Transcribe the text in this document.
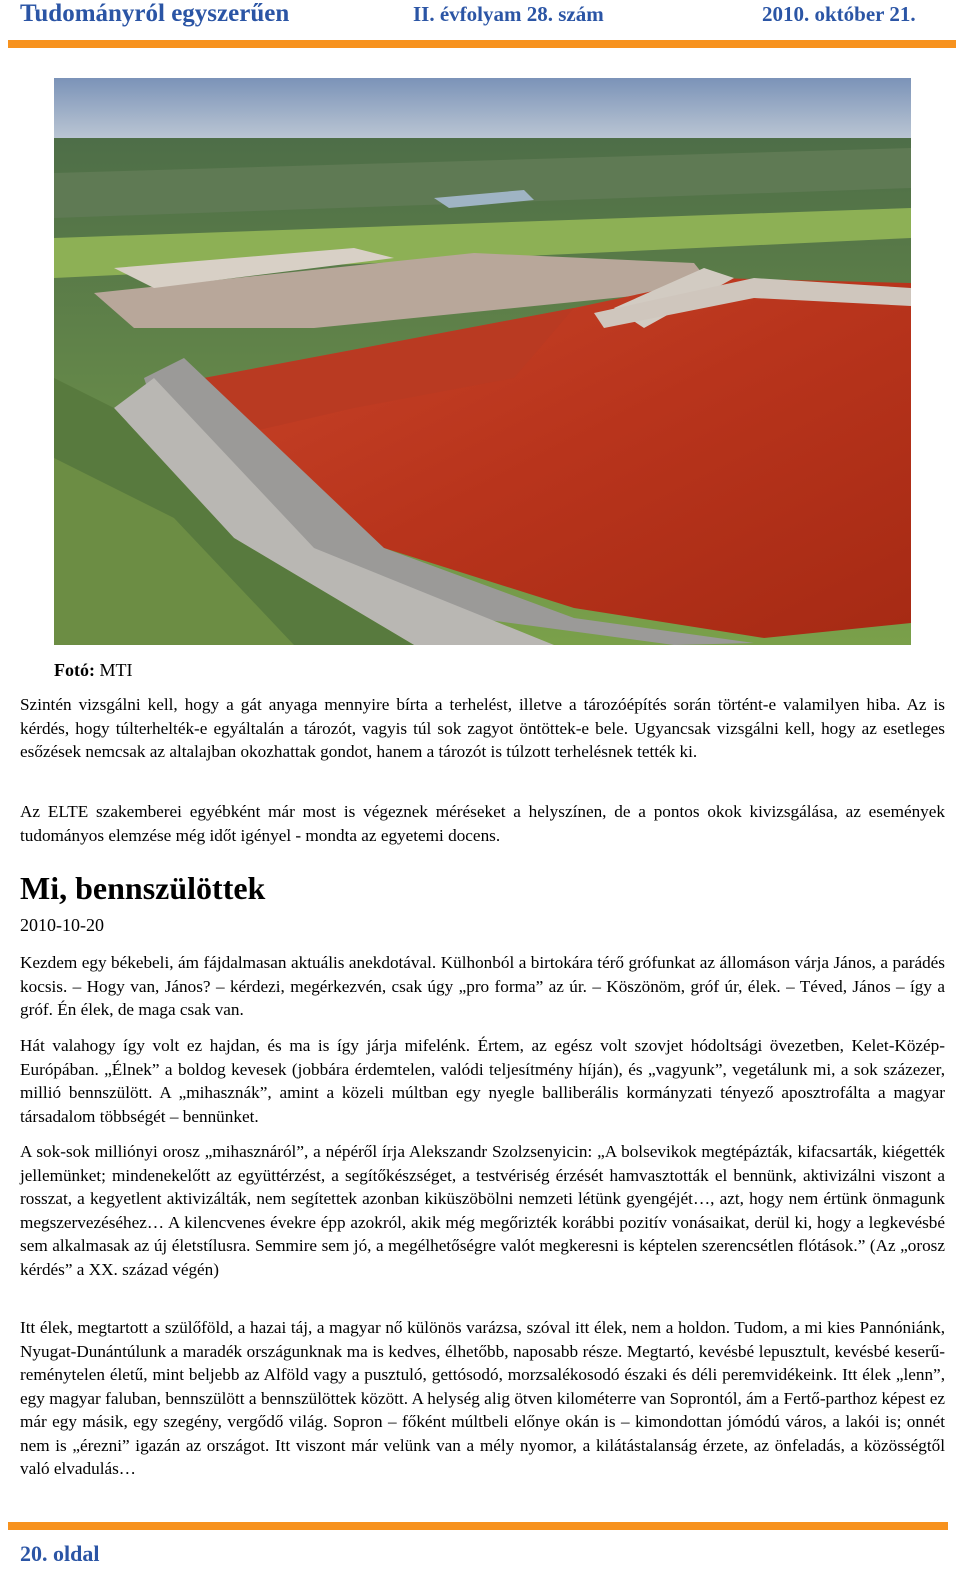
Tudományról egyszerűen	II. évfolyam 28. szám	2010. október 21.
Fotó: MTI
Szintén vizsgálni kell, hogy a gát anyaga mennyire bírta a terhelést, illetve a tározóépítés során történt-e valamilyen hiba. Az is kérdés, hogy túlterhelték-e egyáltalán a tározót, vagyis túl sok zagyot öntöttek-e bele. Ugyancsak vizsgálni kell, hogy az esetleges esőzések nemcsak az altalajban okozhattak gondot, hanem a tározót is túlzott terhelésnek tették ki.
Az ELTE szakemberei egyébként már most is végeznek méréseket a helyszínen, de a pontos okok kivizsgálása, az események tudományos elemzése még időt igényel - mondta az egyetemi docens.
Mi, bennszülöttek
2010-10-20
Kezdem egy békebeli, ám fájdalmasan aktuális anekdotával. Külhonból a birtokára térő grófunkat az állomáson várja János, a parádés kocsis. – Hogy van, János? – kérdezi, megérkezvén, csak úgy „pro forma” az úr. – Köszönöm, gróf úr, élek. – Téved, János – így a gróf. Én élek, de maga csak van.
Hát valahogy így volt ez hajdan, és ma is így járja mifelénk. Értem, az egész volt szovjet hódoltsági övezetben, Kelet-Közép-Európában. „Élnek” a boldog kevesek (jobbára érdemtelen, valódi teljesítmény híján), és „vagyunk”, vegetálunk mi, a sok százezer, millió bennszülött. A „mihasznák”, amint a közeli múltban egy nyegle balliberális kormányzati tényező aposztrofálta a magyar társadalom többségét – bennünket.
A sok-sok milliónyi orosz „mihasznáról”, a népéről írja Alekszandr Szolzsenyicin: „A bolsevikok megtépázták, kifacsarták, kiégették jellemünket; mindenekelőtt az együttérzést, a segítőkészséget, a testvériség érzését hamvasztották el bennünk, aktivizálni viszont a rosszat, a kegyetlent aktivizálták, nem segítettek azonban kiküszöbölni nemzeti létünk gyengéjét…, azt, hogy nem értünk önmagunk megszervezéséhez… A kilencvenes évekre épp azokról, akik még megőrizték korábbi pozitív vonásaikat, derül ki, hogy a legkevésbé sem alkalmasak az új életstílusra. Semmire sem jó, a megélhetőségre valót megkeresni is képtelen szerencsétlen flótások.” (Az „orosz kérdés” a XX. század végén)
Itt élek, megtartott a szülőföld, a hazai táj, a magyar nő különös varázsa, szóval itt élek, nem a holdon. Tudom, a mi kies Pannóniánk, Nyugat-Dunántúlunk a maradék országunknak ma is kedves, élhetőbb, naposabb része. Megtartó, kevésbé lepusztult, kevésbé keserű-reménytelen életű, mint beljebb az Alföld vagy a pusztuló, gettósodó, morzsalékosodó északi és déli peremvidékeink. Itt élek „lenn”, egy magyar faluban, bennszülött a bennszülöttek között. A helység alig ötven kilométerre van Soprontól, ám a Fertő-parthoz képest ez már egy másik, egy szegény, vergődő világ. Sopron – főként múltbeli előnye okán is – kimondottan jómódú város, a lakói is; onnét nem is „érezni” igazán az országot. Itt viszont már velünk van a mély nyomor, a kilátástalanság érzete, az önfeladás, a közösségtől való elvadulás…
20. oldal
